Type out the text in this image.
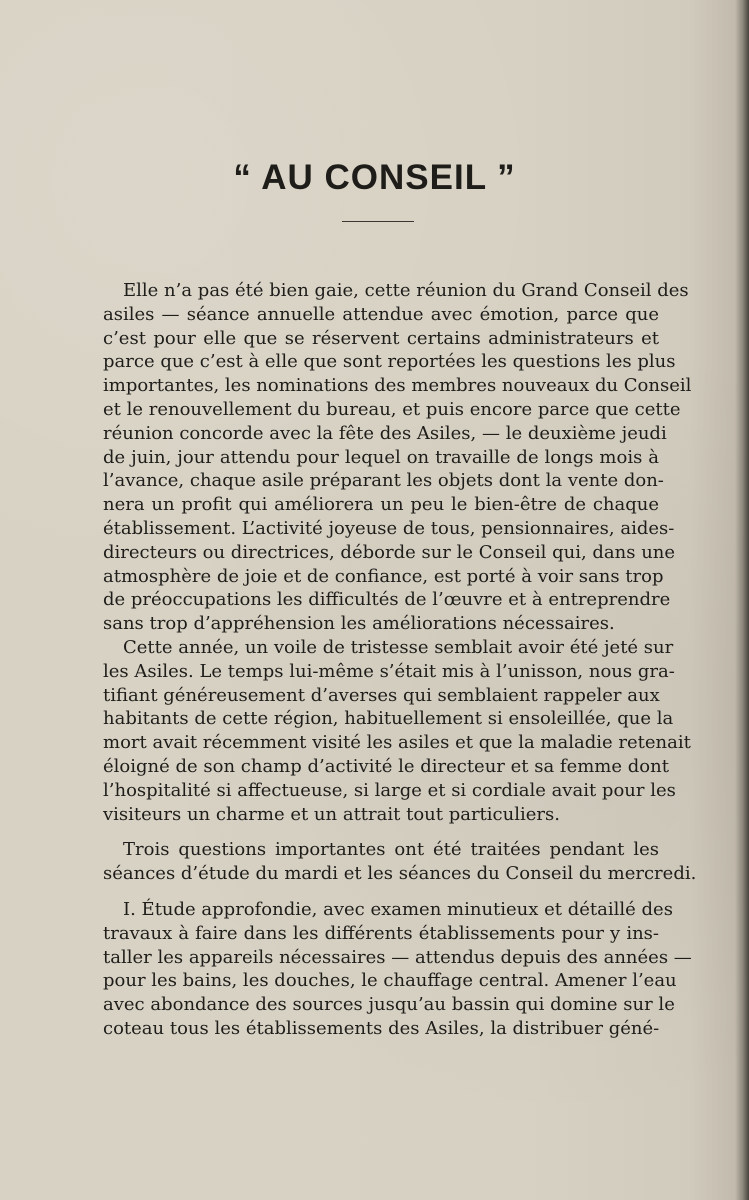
“ AU CONSEIL ”
Elle n’a pas été bien gaie, cette réunion du Grand Conseil des
asiles — séance annuelle attendue avec émotion, parce que
c’est pour elle que se réservent certains administrateurs et
parce que c’est à elle que sont reportées les questions les plus
importantes, les nominations des membres nouveaux du Conseil
et le renouvellement du bureau, et puis encore parce que cette
réunion concorde avec la fête des Asiles, — le deuxième jeudi
de juin, jour attendu pour lequel on travaille de longs mois à
l’avance, chaque asile préparant les objets dont la vente don-
nera un profit qui améliorera un peu le bien-être de chaque
établissement. L’activité joyeuse de tous, pensionnaires, aides-
directeurs ou directrices, déborde sur le Conseil qui, dans une
atmosphère de joie et de confiance, est porté à voir sans trop
de préoccupations les difficultés de l’œuvre et à entreprendre
sans trop d’appréhension les améliorations nécessaires.
Cette année, un voile de tristesse semblait avoir été jeté sur
les Asiles. Le temps lui-même s’était mis à l’unisson, nous gra-
tifiant généreusement d’averses qui semblaient rappeler aux
habitants de cette région, habituellement si ensoleillée, que la
mort avait récemment visité les asiles et que la maladie retenait
éloigné de son champ d’activité le directeur et sa femme dont
l’hospitalité si affectueuse, si large et si cordiale avait pour les
visiteurs un charme et un attrait tout particuliers.
Trois questions importantes ont été traitées pendant les
séances d’étude du mardi et les séances du Conseil du mercredi.
I. Étude approfondie, avec examen minutieux et détaillé des
travaux à faire dans les différents établissements pour y ins-
taller les appareils nécessaires — attendus depuis des années —
pour les bains, les douches, le chauffage central. Amener l’eau
avec abondance des sources jusqu’au bassin qui domine sur le
coteau tous les établissements des Asiles, la distribuer géné-
